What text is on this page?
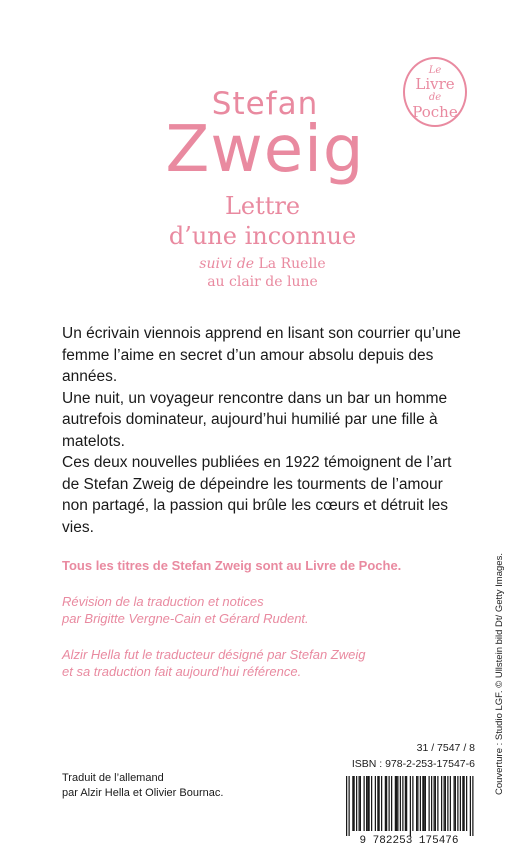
Stefan
Zweig
Le
Livre
de
Poche
Lettre
d’une inconnue
suivi de La Ruelle
au clair de lune

Un écrivain viennois apprend en lisant son courrier qu’une femme l’aime en secret d’un amour absolu depuis des années.

Une nuit, un voyageur rencontre dans un bar un homme autrefois dominateur, aujourd’hui humilié par une fille à matelots.

Ces deux nouvelles publiées en 1922 témoignent de l’art de Stefan Zweig de dépeindre les tourments de l’amour non partagé, la passion qui brûle les cœurs et détruit les vies.

Tous les titres de Stefan Zweig sont au Livre de Poche.
Révision de la traduction et notices
par Brigitte Vergne-Cain et Gérard Rudent.
Alzir Hella fut le traducteur désigné par Stefan Zweig
et sa traduction fait aujourd’hui référence.
Traduit de l’allemand
par Alzir Hella et Olivier Bournac.
31 / 7547 / 8
ISBN : 978-2-253-17547-6
9 782253 175476
Couverture : Studio LGF. © Ullstein bild Dt/ Getty Images.
